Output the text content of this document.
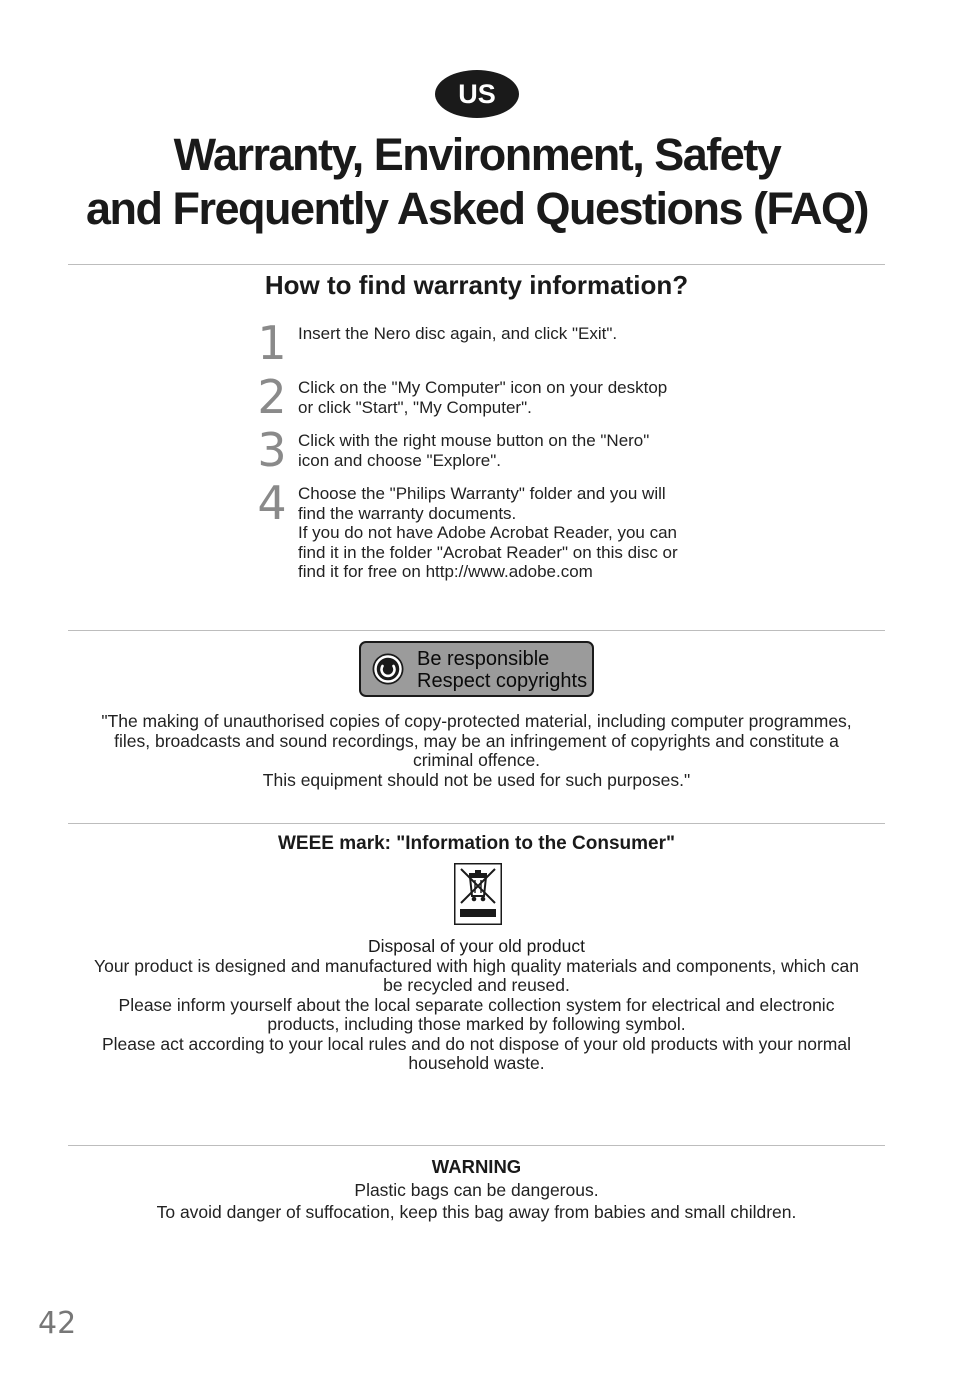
US
Warranty, Environment, Safety
and Frequently Asked Questions (FAQ)
How to find warranty information?
1 Insert the Nero disc again, and click "Exit".
2 Click on the "My Computer" icon on your desktop
or click "Start", "My Computer".
3 Click with the right mouse button on the "Nero"
icon and choose "Explore".
4 Choose the "Philips Warranty" folder and you will
find the warranty documents.
If you do not have Adobe Acrobat Reader, you can
find it in the folder "Acrobat Reader" on this disc or
find it for free on http://www.adobe.com
Be responsible
Respect copyrights
"The making of unauthorised copies of copy-protected material, including computer programmes,
files, broadcasts and sound recordings, may be an infringement of copyrights and constitute a
criminal offence.
This equipment should not be used for such purposes."
WEEE mark: "Information to the Consumer"
Disposal of your old product
Your product is designed and manufactured with high quality materials and components, which can
be recycled and reused.
Please inform yourself about the local separate collection system for electrical and electronic
products, including those marked by following symbol.
Please act according to your local rules and do not dispose of your old products with your normal
household waste.
WARNING
Plastic bags can be dangerous.
To avoid danger of suffocation, keep this bag away from babies and small children.
42
